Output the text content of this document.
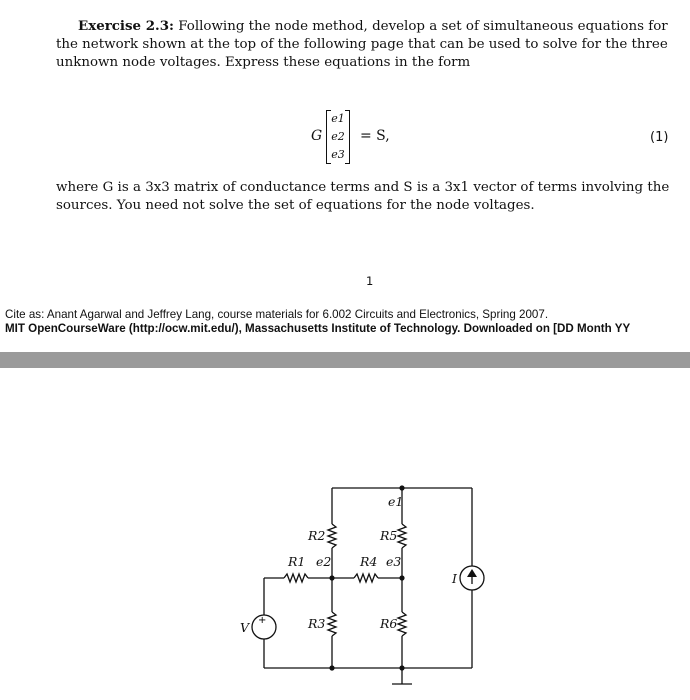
Exercise 2.3: Following the node method, develop a set of simultaneous equations for the network shown at the top of the following page that can be used to solve for the three unknown node voltages. Express these equations in the form

G
e1
e2
e3
= S,	(1)

where G is a 3x3 matrix of conductance terms and S is a 3x1 vector of terms involving the sources. You need not solve the set of equations for the node voltages.

1

Cite as: Anant Agarwal and Jeffrey Lang, course materials for 6.002 Circuits and Electronics, Spring 2007.

MIT OpenCourseWare (http://ocw.mit.edu/), Massachusetts Institute of Technology. Downloaded on [DD Month YY

+
V
I
e1
e2	e3
R1
R2
R3
R4
R5
R6
